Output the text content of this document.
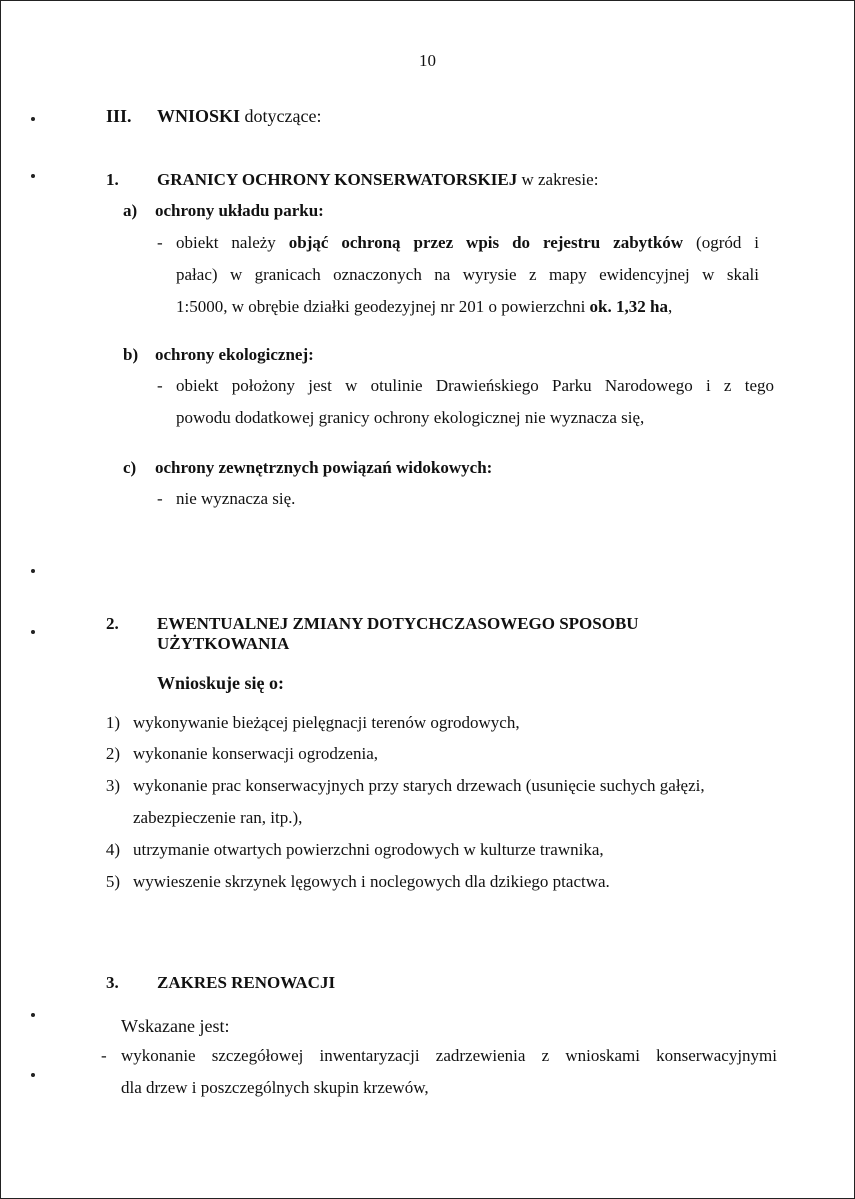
10
III. WNIOSKI dotyczące:
1. GRANICY OCHRONY KONSERWATORSKIEJ w zakresie:
a) ochrony układu parku:
- obiekt należy objąć ochroną przez wpis do rejestru zabytków (ogród i
pałac) w granicach oznaczonych na wyrysie z mapy ewidencyjnej w skali
1:5000, w obrębie działki geodezyjnej nr 201 o powierzchni ok. 1,32 ha,
b) ochrony ekologicznej:
- obiekt położony jest w otulinie Drawieńskiego Parku Narodowego i z tego
powodu dodatkowej granicy ochrony ekologicznej nie wyznacza się,
c) ochrony zewnętrznych powiązań widokowych:
- nie wyznacza się.
2. EWENTUALNEJ ZMIANY DOTYCHCZASOWEGO SPOSOBU
UŻYTKOWANIA
Wnioskuje się o:
1) wykonywanie bieżącej pielęgnacji terenów ogrodowych,
2) wykonanie konserwacji ogrodzenia,
3) wykonanie prac konserwacyjnych przy starych drzewach (usunięcie suchych gałęzi,
zabezpieczenie ran, itp.),
4) utrzymanie otwartych powierzchni ogrodowych w kulturze trawnika,
5) wywieszenie skrzynek lęgowych i noclegowych dla dzikiego ptactwa.
3. ZAKRES RENOWACJI
Wskazane jest:
- wykonanie szczegółowej inwentaryzacji zadrzewienia z wnioskami konserwacyjnymi
dla drzew i poszczególnych skupin krzewów,
